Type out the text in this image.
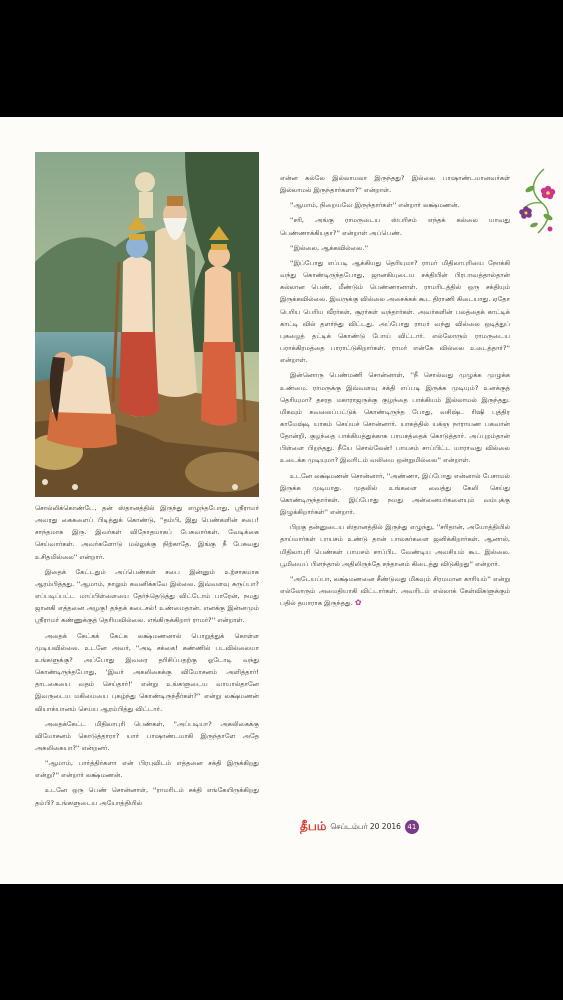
சொல்லிக்கொண்டே, தன் ஸ்தானத்தில் இருந்து எழுந்தபோது, ஸ்ரீராமர் அவரது கைகளைப் பிடித்துக் கொண்டு, ''தம்பி, இது பெண்களின் சபை! சாந்தமாக இரு. இவர்கள் விநோதமாகப் பேசுவார்கள். வேடிக்கை செய்வார்கள். அவர்களோடு மல்லுக்கு நிற்காதே. இங்கு நீ பேசுவது உசிதமில்லை'' என்றார்.

இதைக் கேட்டதும் அப்பெண்கள் சபை இன்னும் உற்சாகமாக ஆரம்பித்தது. ''ஆமாம், நாலும் கவனிக்கவே இல்லை. இவ்வளவு சுருப்பா? எப்படிப்பட்ட மாப்பிள்ளையை தேர்ந்தெடுத்து விட்டோம் பாரேன், நமது ஜானகி எத்தனை அழகு! தந்தக் கடைசல்! உண்மைதான். எனக்கு இன்னமும் ஸ்ரீராமர் கண்ணுக்குத் தெரியவில்லை. எங்கிருக்கிறார் ராமர்?'' என்றாள்.

அதைக் கேட்கக் கேட்க லக்ஷ்மணனால் பொறுத்துக் கொள்ள முடியவில்லை. உடனே அவர், ''அடி சக்கை! கண்ணில் படவில்லையா உங்களுக்கு? அப்போது இவரை தரிசிப்பதற்கு ஓடோடி வந்து கொண்டிருந்தபோது, 'இவர் அகலிகைக்கு விமோசனம் அளித்தார்! தாடகையை வதம் செய்தார்!' என்று உங்களுடைய வாயால்தானே இவருடைய மகிமையை புகழ்ந்து கொண்டிருந்தீர்கள்?'' என்று லக்ஷ்மணன் வியாக்யானம் செய்ய ஆரம்பித்து விட்டார்.

அதைக்கேட்ட மிதிலாபுரி பெண்கள், ''அப்படியா? அகலிகைக்கு விமோசனம் கொடுத்தாரா? யார் பாஷாண்டமாகி இருந்தாளே அதே அகலிகையா?'' என்றனர்.

''ஆமாம், பார்த்திர்களா என் பிரபுவிடம் எத்தனை சக்தி இருக்கிறது என்று?'' என்றார் லக்ஷ்மணன்.

உடனே ஒரு பெண் சொன்னாள், ''ராமரிடம் சக்தி எங்கேயிருக்கிறது தம்பி? உங்களுடைய அயோத்தியில்

என்ன கல்லே இல்லாமலா இருந்தது? இல்லை பாஷாண்டமானவர்கள் இல்லாமல் இருந்தார்களா?'' என்றாள்.

''ஆமாம், நிறையவே இருந்தார்கள்'' என்றார் லக்ஷ்மணன்.

''சரி, அங்கு ராமருடைய ஸ்பரிசம் எந்தக் கல்லை யாவது பெண்ணாக்கியதா?'' என்றாள் அப்பெண்.

''இல்லை, ஆக்கவில்லை.''

''இப்போது எப்படி ஆக்கியது தெரியுமா? ராமர் மிதிலாபுரியை நோக்கி வந்து கொண்டிருந்தபோது, ஜானகியுடைய சக்தியின் பிரபாவத்தால்தான் கல்லான பெண், மீண்டும் பெண்ணானாள். ராமரிடத்தில் ஒரு சக்தியும் இருக்கவில்லை. இவருக்கு வில்லை அசைக்கக் கூட திராணி கிடையாது. ஏதோ பெரிய பெரிய வீரர்கள், சூரர்கள் வந்தார்கள். அவர்களின் பலத்தைக் காட்டிக் காட்டி வில் தளர்ந்து விட்டது. அப்போது ராமர் வந்து வில்லை ஒடித்துப் புகழைத் தட்டிக் கொண்டு போய் விட்டார். எல்லோரும் ராமருடைய பராக்கிரமத்தை பாராட்டுகிறார்கள். ராமர் என்கே வில்லை உடைத்தார்?'' என்றாள்.

இன்னொரு பெண்மணி சொன்னாள், ''நீ சொல்வது முழுக்க முழுக்க உண்மை. ராமருக்கு இவ்வளவு சக்தி எப்படி இருக்க முடியும்? உனக்குத் தெரியுமா? தசரத மகாராஜருக்கு குழந்தை பாக்கியம் இல்லாமல் இருந்தது. மிகவும் கவலைப்பட்டுக் கொண்டிருந்த போது, வசிஷ்ட ரிஷி புத்திர காமேஷ்டி யாகம் செய்யச் சொன்னார். யாகத்தில் யக்ஞ நாராயண பகவான் தோன்றி, குழந்தை பாக்கியத்துக்காக பாயசத்தைக் கொடுத்தார். அப்புறம்தான் பிள்ளை பிறந்தது. நீயே சொல்லேன்! பாயசம் சாப்பிட்ட யாராவது வில்லை உடைக்க முடியுமா? இவரிடம் வலிமை ஒன்றுமில்லை'' என்றாள்.

உடனே லக்ஷ்மணன் சொன்னார், ''அண்ணா, இப்போது என்னால் பேசாமல் இருக்க முடியாது. முதலில் உங்களை வைத்து கேலி செய்து கொண்டிருந்தார்கள். இப்போது நமது அன்னையர்களையும் வம்புக்கு இழுக்கிறார்கள்'' என்றார்.

பிறகு தன்னுடைய ஸ்தானத்தில் இருந்து எழுந்து, ''சரிதான், அயோத்தியில் தாய்மார்கள் பாயசம் உண்டு தான் பாலகர்களை ஜனிக்கிறார்கள். ஆனால், மிதிலாபுரி பெண்கள் பாயசம் சாப்பிட வேண்டிய அவசியம் கூட இல்லை. பூமியைப் பிளந்தால் அதிலிருந்தே சந்தானம் கிடைத்து விடுகிறது'' என்றார்.

''அடேயப்பா, லக்ஷ்மணனை சீண்டுவது மிகவும் சிரமமான காரியம்'' என்று எல்லோரும் அமைதியாகி விட்டார்கள். அவரிடம் எல்லாக் கேள்விகளுக்கும் பதில் தயாராக இருந்தது. ✿

தீபம் செப்டம்பர் 20 2016 41
